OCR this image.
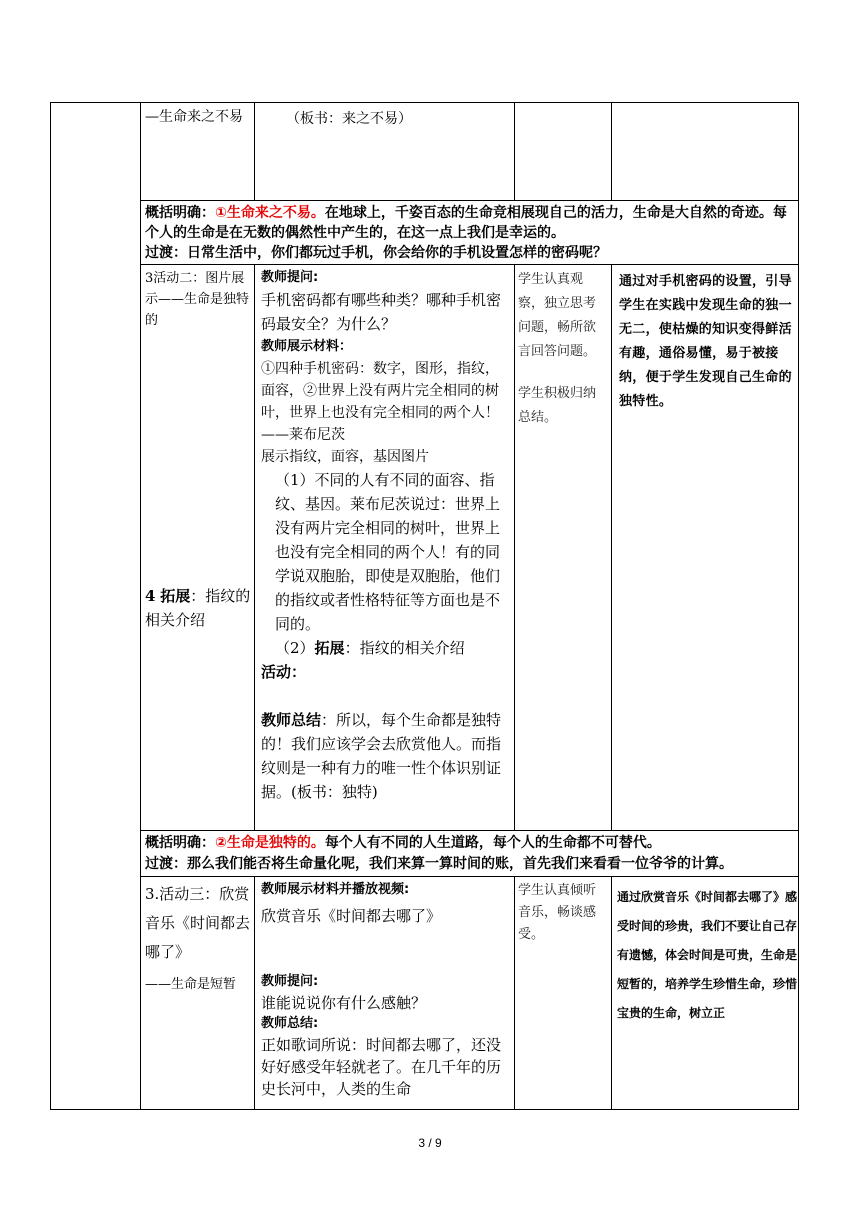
—生命来之不易	（板书：来之不易）

概括明确：①生命来之不易。在地球上，千姿百态的生命竞相展现自己的活力，生命是大自然的奇迹。每个人的生命是在无数的偶然性中产生的，在这一点上我们是幸运的。

过渡：日常生活中，你们都玩过手机，你会给你的手机设置怎样的密码呢？

3活动二：图片展示——生命是独特的

4 拓展：指纹的相关介绍

教师提问:

手机密码都有哪些种类？哪种手机密码最安全？为什么？

教师展示材料：

①四种手机密码：数字，图形，指纹，面容，②世界上没有两片完全相同的树叶，世界上也没有完全相同的两个人！——莱布尼茨

展示指纹，面容，基因图片

（1）不同的人有不同的面容、指纹、基因。莱布尼茨说过：世界上没有两片完全相同的树叶，世界上也没有完全相同的两个人！有的同学说双胞胎，即使是双胞胎，他们的指纹或者性格特征等方面也是不同的。

（2）拓展：指纹的相关介绍

活动：

教师总结：所以，每个生命都是独特的！我们应该学会去欣赏他人。而指纹则是一种有力的唯一性个体识别证据。(板书：独特)

学生认真观察，独立思考问题，畅所欲言回答问题。

学生积极归纳总结。

通过对手机密码的设置，引导学生在实践中发现生命的独一无二，使枯燥的知识变得鲜活有趣，通俗易懂，易于被接纳，便于学生发现自己生命的独特性。

概括明确：②生命是独特的。每个人有不同的人生道路，每个人的生命都不可替代。

过渡：那么我们能否将生命量化呢，我们来算一算时间的账，首先我们来看看一位爷爷的计算。

3.活动三：欣赏音乐《时间都去哪了》

——生命是短暂

教师展示材料并播放视频:

欣赏音乐《时间都去哪了》

教师提问:

谁能说说你有什么感触？

教师总结:

正如歌词所说：时间都去哪了，还没好好感受年轻就老了。在几千年的历史长河中，人类的生命

学生认真倾听音乐，畅谈感受。

通过欣赏音乐《时间都去哪了》感受时间的珍贵，我们不要让自己存有遗憾，体会时间是可贵，生命是短暂的，培养学生珍惜生命，珍惜宝贵的生命，树立正

3 / 9
